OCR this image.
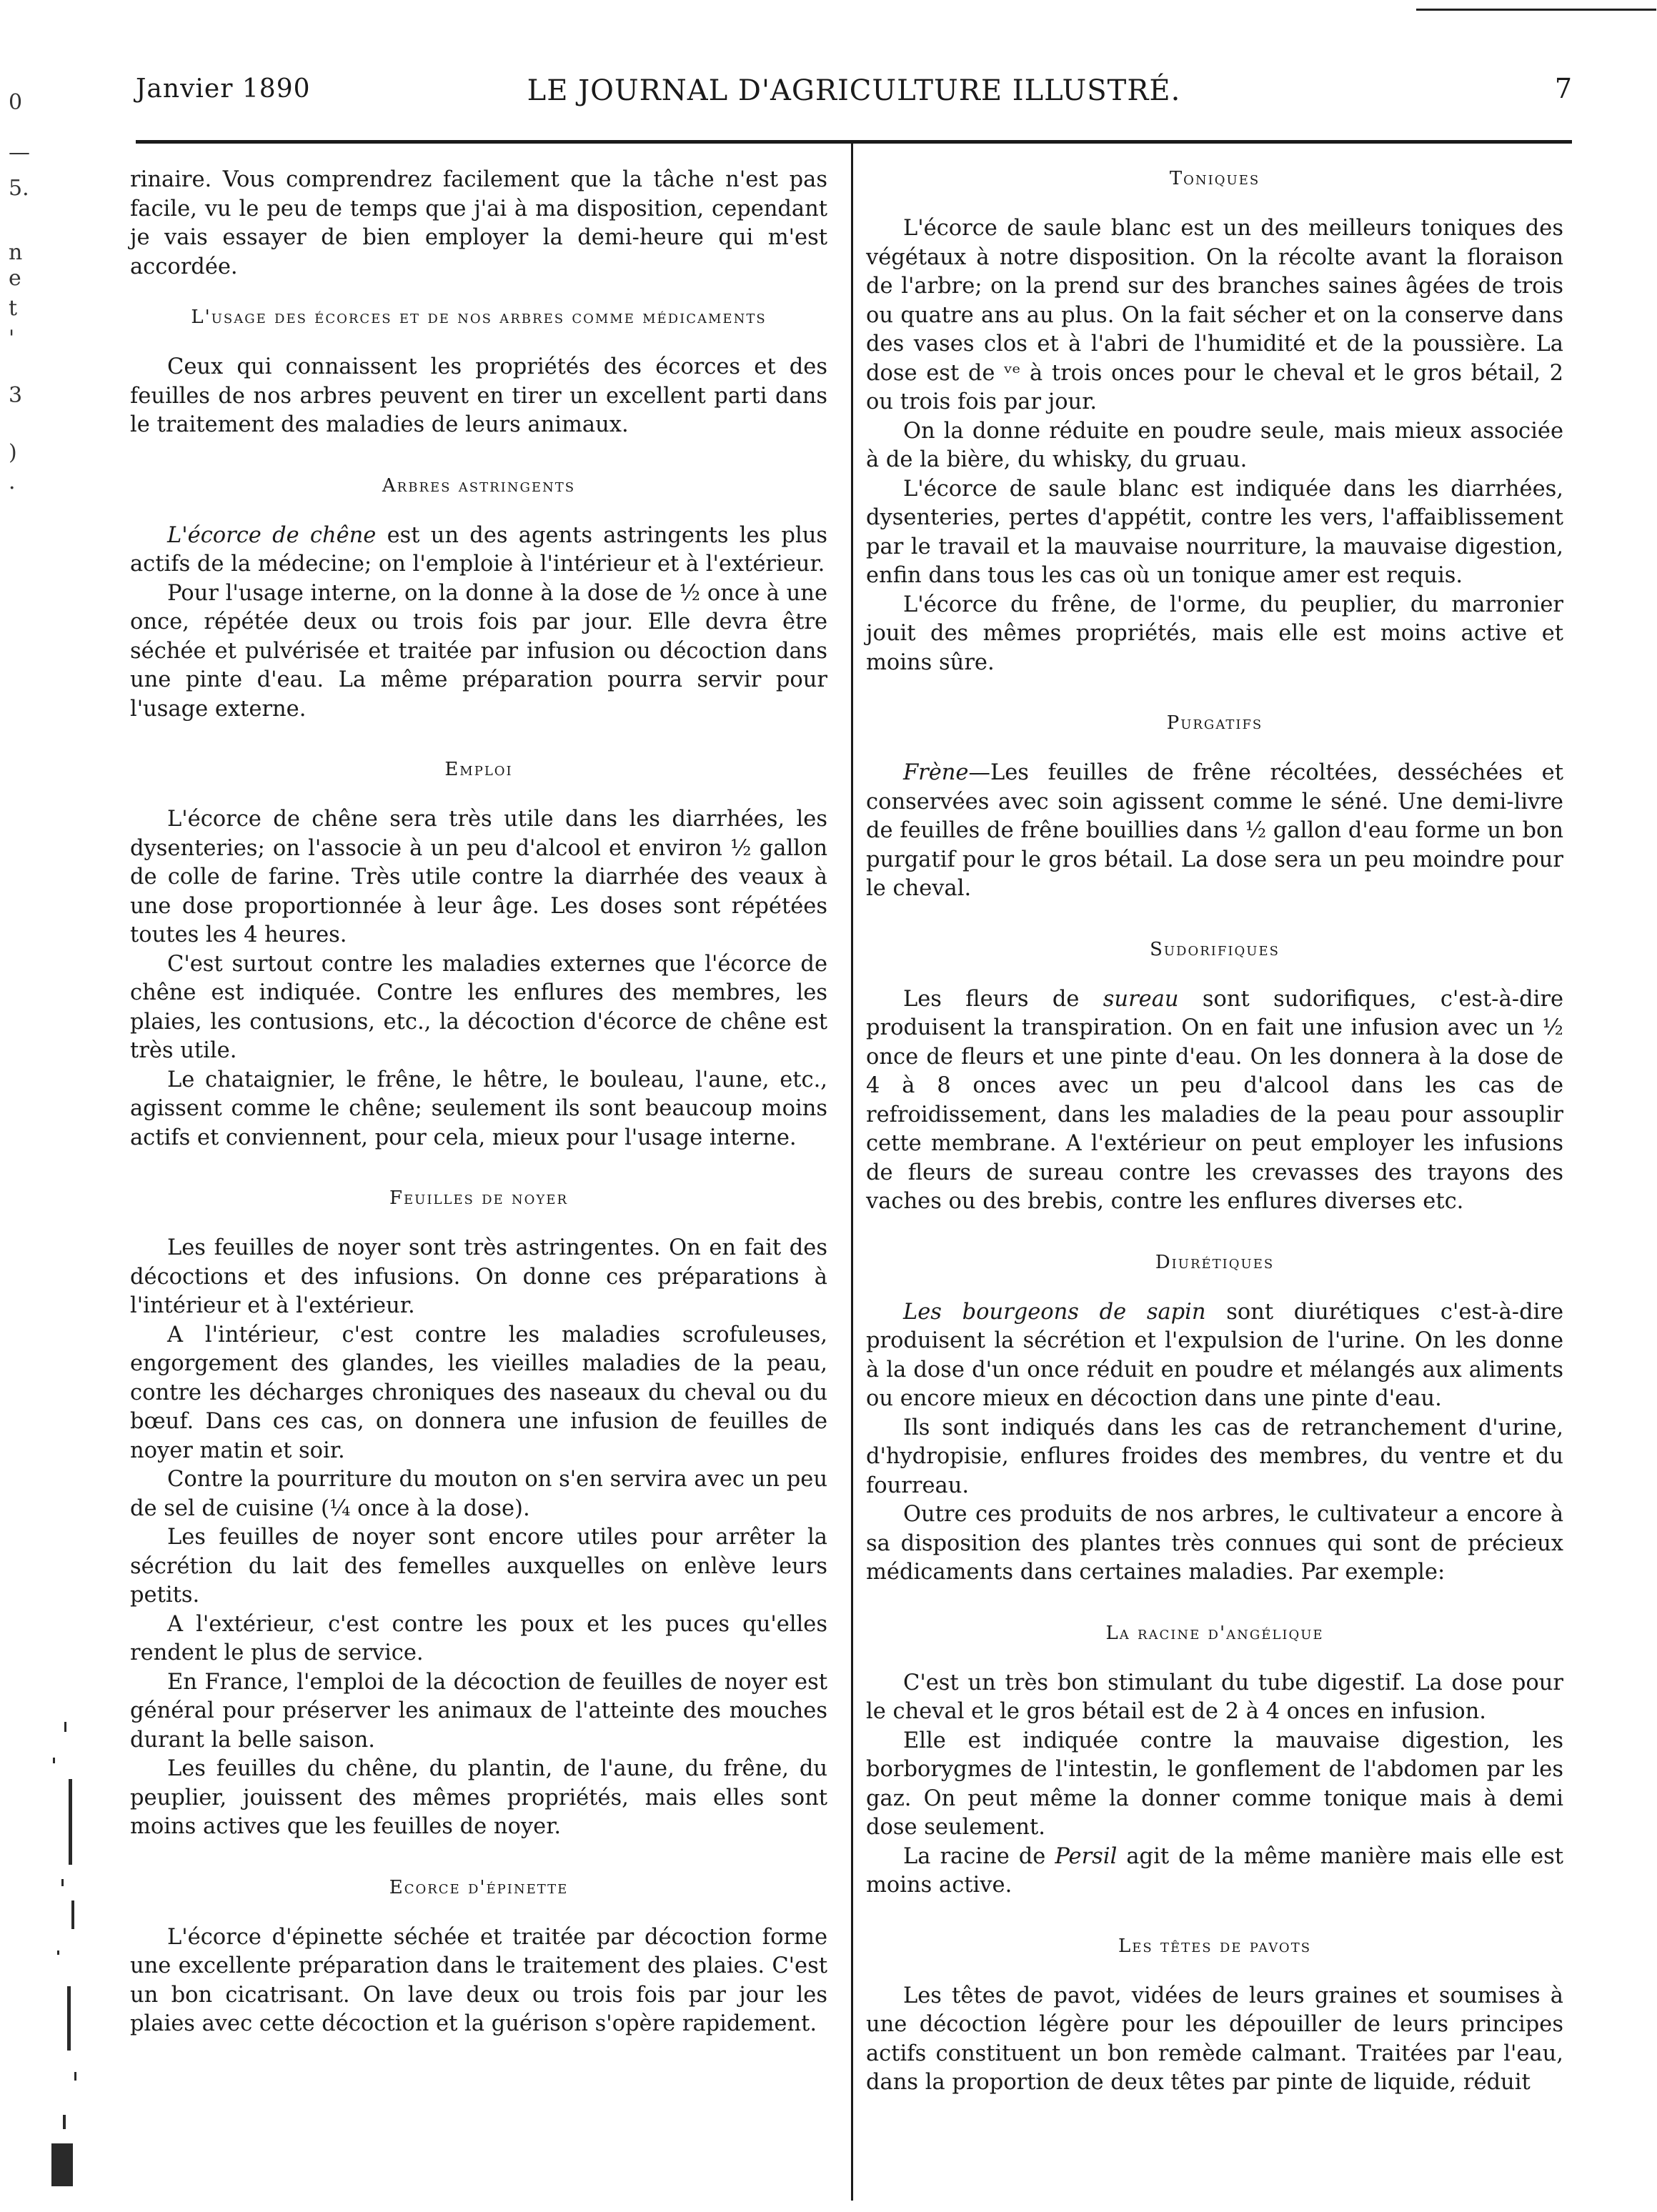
0
—
5.
n
e
t
'
3
)
·
Janvier 1890	LE JOURNAL D'AGRICULTURE ILLUSTRÉ.	7

rinaire. Vous comprendrez facilement que la tâche n'est pas facile, vu le peu de temps que j'ai à ma disposition, cependant je vais essayer de bien employer la demi-heure qui m'est accordée.

L'usage des écorces et de nos arbres comme médicaments

Ceux qui connaissent les propriétés des écorces et des feuilles de nos arbres peuvent en tirer un excellent parti dans le traitement des maladies de leurs animaux.

Arbres astringents

L'écorce de chêne est un des agents astringents les plus actifs de la médecine; on l'emploie à l'intérieur et à l'extérieur.

Pour l'usage interne, on la donne à la dose de ½ once à une once, répétée deux ou trois fois par jour. Elle devra être séchée et pulvérisée et traitée par infusion ou décoction dans une pinte d'eau. La même préparation pourra servir pour l'usage externe.

Emploi

L'écorce de chêne sera très utile dans les diarrhées, les dysenteries; on l'associe à un peu d'alcool et environ ½ gallon de colle de farine. Très utile contre la diarrhée des veaux à une dose proportionnée à leur âge. Les doses sont répétées toutes les 4 heures.

C'est surtout contre les maladies externes que l'écorce de chêne est indiquée. Contre les enflures des membres, les plaies, les contusions, etc., la décoction d'écorce de chêne est très utile.

Le chataignier, le frêne, le hêtre, le bouleau, l'aune, etc., agissent comme le chêne; seulement ils sont beaucoup moins actifs et conviennent, pour cela, mieux pour l'usage interne.

Feuilles de noyer

Les feuilles de noyer sont très astringentes. On en fait des décoctions et des infusions. On donne ces préparations à l'intérieur et à l'extérieur.

A l'intérieur, c'est contre les maladies scrofuleuses, engorgement des glandes, les vieilles maladies de la peau, contre les décharges chroniques des naseaux du cheval ou du bœuf. Dans ces cas, on donnera une infusion de feuilles de noyer matin et soir.

Contre la pourriture du mouton on s'en servira avec un peu de sel de cuisine (¼ once à la dose).

Les feuilles de noyer sont encore utiles pour arrêter la sécrétion du lait des femelles auxquelles on enlève leurs petits.

A l'extérieur, c'est contre les poux et les puces qu'elles rendent le plus de service.

En France, l'emploi de la décoction de feuilles de noyer est général pour préserver les animaux de l'atteinte des mouches durant la belle saison.

Les feuilles du chêne, du plantin, de l'aune, du frêne, du peuplier, jouissent des mêmes propriétés, mais elles sont moins actives que les feuilles de noyer.

Ecorce d'épinette

L'écorce d'épinette séchée et traitée par décoction forme une excellente préparation dans le traitement des plaies. C'est un bon cicatrisant. On lave deux ou trois fois par jour les plaies avec cette décoction et la guérison s'opère rapidement.

Toniques

L'écorce de saule blanc est un des meilleurs toniques des végétaux à notre disposition. On la récolte avant la floraison de l'arbre; on la prend sur des branches saines âgées de trois ou quatre ans au plus. On la fait sécher et on la conserve dans des vases clos et à l'abri de l'humidité et de la poussière. La dose est de ᵛᵉ à trois onces pour le cheval et le gros bétail, 2 ou trois fois par jour.

On la donne réduite en poudre seule, mais mieux associée à de la bière, du whisky, du gruau.

L'écorce de saule blanc est indiquée dans les diarrhées, dysenteries, pertes d'appétit, contre les vers, l'affaiblissement par le travail et la mauvaise nourriture, la mauvaise digestion, enfin dans tous les cas où un tonique amer est requis.

L'écorce du frêne, de l'orme, du peuplier, du marronier jouit des mêmes propriétés, mais elle est moins active et moins sûre.

Purgatifs

Frène—Les feuilles de frêne récoltées, desséchées et conservées avec soin agissent comme le séné. Une demi-livre de feuilles de frêne bouillies dans ½ gallon d'eau forme un bon purgatif pour le gros bétail. La dose sera un peu moindre pour le cheval.

Sudorifiques

Les fleurs de sureau sont sudorifiques, c'est-à-dire produisent la transpiration. On en fait une infusion avec un ½ once de fleurs et une pinte d'eau. On les donnera à la dose de 4 à 8 onces avec un peu d'alcool dans les cas de refroidissement, dans les maladies de la peau pour assouplir cette membrane. A l'extérieur on peut employer les infusions de fleurs de sureau contre les crevasses des trayons des vaches ou des brebis, contre les enflures diverses etc.

Diurétiques

Les bourgeons de sapin sont diurétiques c'est-à-dire produisent la sécrétion et l'expulsion de l'urine. On les donne à la dose d'un once réduit en poudre et mélangés aux aliments ou encore mieux en décoction dans une pinte d'eau.

Ils sont indiqués dans les cas de retranchement d'urine, d'hydropisie, enflures froides des membres, du ventre et du fourreau.

Outre ces produits de nos arbres, le cultivateur a encore à sa disposition des plantes très connues qui sont de précieux médicaments dans certaines maladies. Par exemple:

La racine d'angélique

C'est un très bon stimulant du tube digestif. La dose pour le cheval et le gros bétail est de 2 à 4 onces en infusion.

Elle est indiquée contre la mauvaise digestion, les borborygmes de l'intestin, le gonflement de l'abdomen par les gaz. On peut même la donner comme tonique mais à demi dose seulement.

La racine de Persil agit de la même manière mais elle est moins active.

Les têtes de pavots

Les têtes de pavot, vidées de leurs graines et soumises à une décoction légère pour les dépouiller de leurs principes actifs constituent un bon remède calmant. Traitées par l'eau, dans la proportion de deux têtes par pinte de liquide, réduit
